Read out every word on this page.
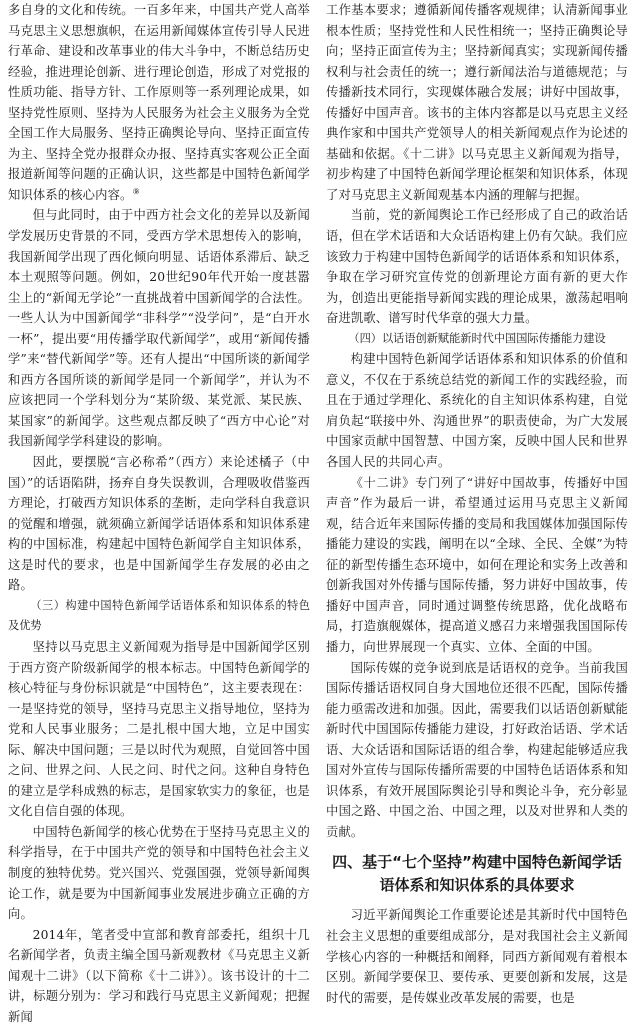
多自身的文化和传统。一百多年来，中国共产党人高举马克思主义思想旗帜，在运用新闻媒体宣传引导人民进行革命、建设和改革事业的伟大斗争中，不断总结历史经验，推进理论创新、进行理论创造，形成了对党报的性质功能、指导方针、工作原则等一系列理论成果，如坚持党性原则、坚持为人民服务为社会主义服务为全党全国工作大局服务、坚持正确舆论导向、坚持正面宣传为主、坚持全党办报群众办报、坚持真实客观公正全面报道新闻等问题的正确认识，这些都是中国特色新闻学知识体系的核心内容。⑨

但与此同时，由于中西方社会文化的差异以及新闻学发展历史背景的不同，受西方学术思想传入的影响，我国新闻学出现了西化倾向明显、话语体系滞后、缺乏本土观照等问题。例如，20世纪90年代开始一度甚嚣尘上的“新闻无学论”一直挑战着中国新闻学的合法性。一些人认为中国新闻学“非科学”“没学问”，是“白开水一杯”，提出要“用传播学取代新闻学”，或用“新闻传播学”来“替代新闻学”等。还有人提出“中国所谈的新闻学和西方各国所谈的新闻学是同一个新闻学”，并认为不应该把同一个学科划分为“某阶级、某党派、某民族、某国家”的新闻学。这些观点都反映了“西方中心论”对我国新闻学学科建设的影响。

因此，要摆脱“言必称希”（西方）来论述橘子（中国）”的话语陷阱，扬弃自身失误教训，合理吸收借鉴西方理论，打破西方知识体系的垄断，走向学科自我意识的觉醒和增强，就须确立新闻学话语体系和知识体系建构的中国标准，构建起中国特色新闻学自主知识体系，这是时代的要求，也是中国新闻学生存发展的必由之路。

（三）构建中国特色新闻学话语体系和知识体系的特色及优势

坚持以马克思主义新闻观为指导是中国新闻学区别于西方资产阶级新闻学的根本标志。中国特色新闻学的核心特征与身份标识就是“中国特色”，这主要表现在：一是坚持党的领导，坚持马克思主义指导地位，坚持为党和人民事业服务；二是扎根中国大地，立足中国实际、解决中国问题；三是以时代为观照，自觉回答中国之问、世界之问、人民之问、时代之问。这种自身特色的建立是学科成熟的标志，是国家软实力的象征，也是文化自信自强的体现。

中国特色新闻学的核心优势在于坚持马克思主义的科学指导，在于中国共产党的领导和中国特色社会主义制度的独特优势。党兴国兴、党强国强，党领导新闻舆论工作，就是要为中国新闻事业发展进步确立正确的方向。

2014年，笔者受中宣部和教育部委托，组织十几名新闻学者，负责主编全国马新观教材《马克思主义新闻观十二讲》（以下简称《十二讲》）。该书设计的十二讲，标题分别为：学习和践行马克思主义新闻观；把握新闻

工作基本要求；遵循新闻传播客观规律；认清新闻事业根本性质；坚持党性和人民性相统一；坚持正确舆论导向；坚持正面宣传为主；坚持新闻真实；实现新闻传播权利与社会责任的统一；遵行新闻法治与道德规范；与传播新技术同行，实现媒体融合发展；讲好中国故事，传播好中国声音。该书的主体内容都是以马克思主义经典作家和中国共产党领导人的相关新闻观点作为论述的基础和依据。《十二讲》以马克思主义新闻观为指导，初步构建了中国特色新闻学理论框架和知识体系，体现了对马克思主义新闻观基本内涵的理解与把握。

当前，党的新闻舆论工作已经形成了自己的政治话语，但在学术话语和大众话语构建上仍有欠缺。我们应该致力于构建中国特色新闻学的话语体系和知识体系，争取在学习研究宣传党的创新理论方面有新的更大作为，创造出更能指导新闻实践的理论成果，激荡起唱响奋进凯歌、谱写时代华章的强大力量。

（四）以话语创新赋能新时代中国国际传播能力建设

构建中国特色新闻学话语体系和知识体系的价值和意义，不仅在于系统总结党的新闻工作的实践经验，而且在于通过学理化、系统化的自主知识体系构建，自觉肩负起“联接中外、沟通世界”的职责使命，为广大发展中国家贡献中国智慧、中国方案，反映中国人民和世界各国人民的共同心声。

《十二讲》专门列了“讲好中国故事，传播好中国声音”作为最后一讲，希望通过运用马克思主义新闻观，结合近年来国际传播的变局和我国媒体加强国际传播能力建设的实践，阐明在以“全球、全民、全媒”为特征的新型传播生态环境中，如何在理论和实务上改善和创新我国对外传播与国际传播，努力讲好中国故事，传播好中国声音，同时通过调整传统思路，优化战略布局，打造旗舰媒体，提高道义感召力来增强我国国际传播力，向世界展现一个真实、立体、全面的中国。

国际传媒的竞争说到底是话语权的竞争。当前我国国际传播话语权同自身大国地位还很不匹配，国际传播能力亟需改进和加强。因此，需要我们以话语创新赋能新时代中国国际传播能力建设，打好政治话语、学术话语、大众话语和国际话语的组合拳，构建起能够适应我国对外宣传与国际传播所需要的中国特色话语体系和知识体系，有效开展国际舆论引导和舆论斗争，充分彰显中国之路、中国之治、中国之理，以及对世界和人类的贡献。

四、基于“七个坚持”构建中国特色新闻学话语体系和知识体系的具体要求

习近平新闻舆论工作重要论述是其新时代中国特色社会主义思想的重要组成部分，是对我国社会主义新闻学核心内容的一种概括和阐释，同西方新闻观有着根本区别。新闻学要保卫、要传承、更要创新和发展，这是时代的需要，是传媒业改革发展的需要，也是
